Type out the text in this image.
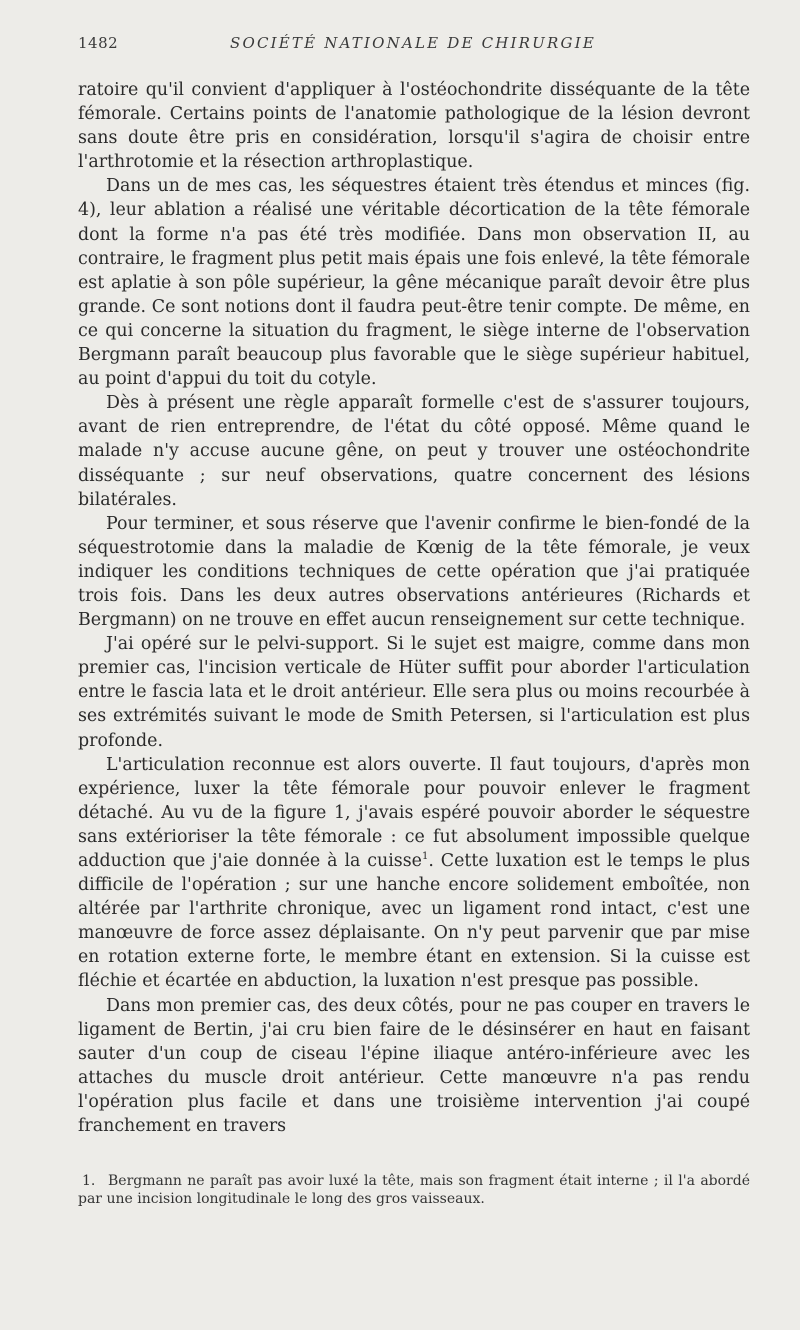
1482	SOCIÉTÉ NATIONALE DE CHIRURGIE

ratoire qu'il convient d'appliquer à l'ostéochondrite disséquante de la tête fémorale. Certains points de l'anatomie pathologique de la lésion devront sans doute être pris en considération, lorsqu'il s'agira de choisir entre l'arthrotomie et la résection arthroplastique.

Dans un de mes cas, les séquestres étaient très étendus et minces (fig. 4), leur ablation a réalisé une véritable décortication de la tête fémorale dont la forme n'a pas été très modifiée. Dans mon observation II, au contraire, le fragment plus petit mais épais une fois enlevé, la tête fémorale est aplatie à son pôle supérieur, la gêne mécanique paraît devoir être plus grande. Ce sont notions dont il faudra peut-être tenir compte. De même, en ce qui concerne la situation du fragment, le siège interne de l'observation Bergmann paraît beaucoup plus favorable que le siège supérieur habituel, au point d'appui du toit du cotyle.

Dès à présent une règle apparaît formelle c'est de s'assurer toujours, avant de rien entreprendre, de l'état du côté opposé. Même quand le malade n'y accuse aucune gêne, on peut y trouver une ostéochondrite disséquante ; sur neuf observations, quatre concernent des lésions bilatérales.

Pour terminer, et sous réserve que l'avenir confirme le bien-fondé de la séquestrotomie dans la maladie de Kœnig de la tête fémorale, je veux indiquer les conditions techniques de cette opération que j'ai pratiquée trois fois. Dans les deux autres observations antérieures (Richards et Bergmann) on ne trouve en effet aucun renseignement sur cette technique.

J'ai opéré sur le pelvi-support. Si le sujet est maigre, comme dans mon premier cas, l'incision verticale de Hüter suffit pour aborder l'articulation entre le fascia lata et le droit antérieur. Elle sera plus ou moins recourbée à ses extrémités suivant le mode de Smith Petersen, si l'articulation est plus profonde.

L'articulation reconnue est alors ouverte. Il faut toujours, d'après mon expérience, luxer la tête fémorale pour pouvoir enlever le fragment détaché. Au vu de la figure 1, j'avais espéré pouvoir aborder le séquestre sans extérioriser la tête fémorale : ce fut absolument impossible quelque adduction que j'aie donnée à la cuisse$^1$. Cette luxation est le temps le plus difficile de l'opération ; sur une hanche encore solidement emboîtée, non altérée par l'arthrite chronique, avec un ligament rond intact, c'est une manœuvre de force assez déplaisante. On n'y peut parvenir que par mise en rotation externe forte, le membre étant en extension. Si la cuisse est fléchie et écartée en abduction, la luxation n'est presque pas possible.

Dans mon premier cas, des deux côtés, pour ne pas couper en travers le ligament de Bertin, j'ai cru bien faire de le désinsérer en haut en faisant sauter d'un coup de ciseau l'épine iliaque antéro-inférieure avec les attaches du muscle droit antérieur. Cette manœuvre n'a pas rendu l'opération plus facile et dans une troisième intervention j'ai coupé franchement en travers

1. Bergmann ne paraît pas avoir luxé la tête, mais son fragment était interne ; il l'a abordé par une incision longitudinale le long des gros vaisseaux.
